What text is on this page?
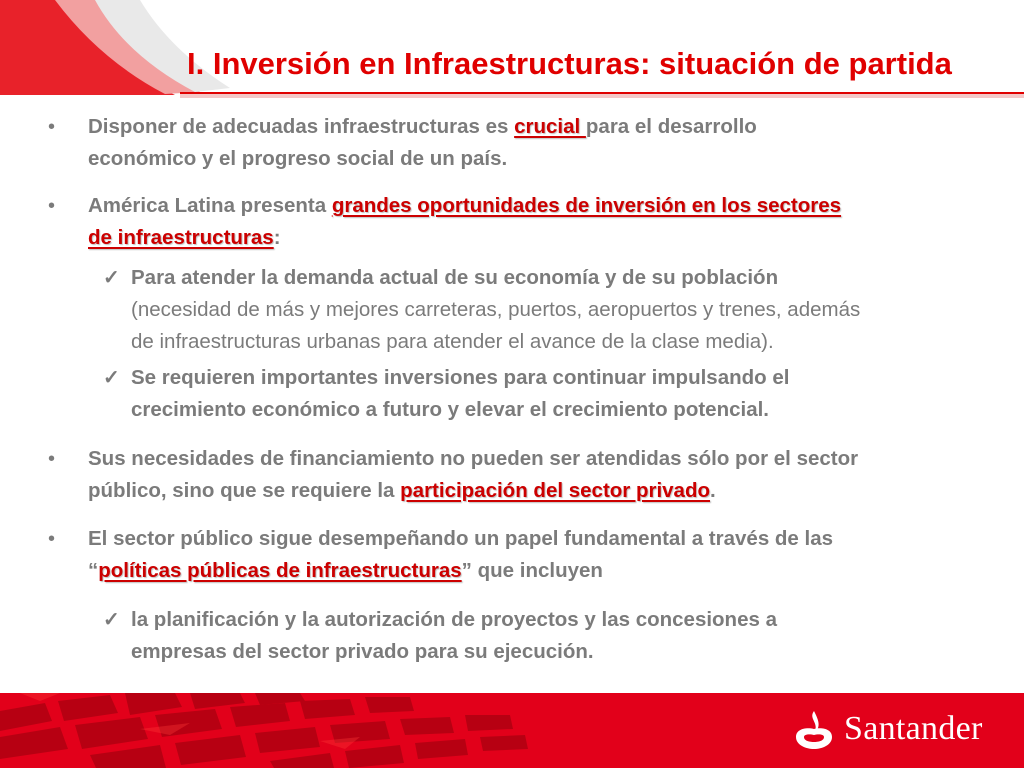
I. Inversión en Infraestructuras: situación de partida
• Disponer de adecuadas infraestructuras es crucial para el desarrollo
económico y el progreso social de un país.
• América Latina presenta grandes oportunidades de inversión en los sectores
de infraestructuras:
✓ Para atender la demanda actual de su economía y de su población
(necesidad de más y mejores carreteras, puertos, aeropuertos y trenes, además
de infraestructuras urbanas para atender el avance de la clase media).
✓ Se requieren importantes inversiones para continuar impulsando el
crecimiento económico a futuro y elevar el crecimiento potencial.
• Sus necesidades de financiamiento no pueden ser atendidas sólo por el sector
público, sino que se requiere la participación del sector privado.
• El sector público sigue desempeñando un papel fundamental a través de las
“políticas públicas de infraestructuras” que incluyen
✓ la planificación y la autorización de proyectos y las concesiones a
empresas del sector privado para su ejecución.
Santander
